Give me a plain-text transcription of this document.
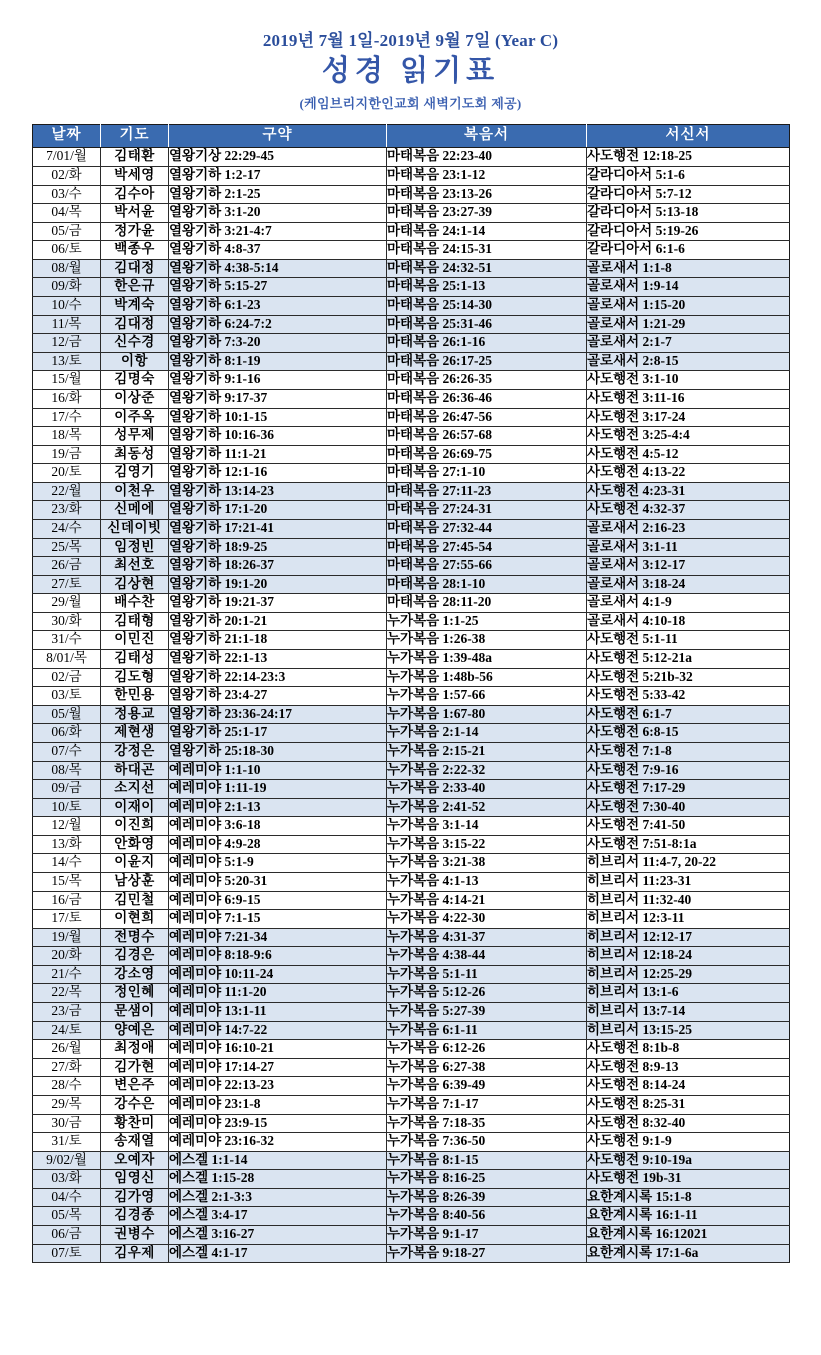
2019년 7월 1일-2019년 9월 7일 (Year C)
성경 읽기표
(케임브리지한인교회 새벽기도회 제공)
날짜	기도	구약	복음서	서신서
7/01/월	김태환	열왕기상 22:29-45	마태복음 22:23-40	사도행전 12:18-25
02/화	박세영	열왕기하 1:2-17	마태복음 23:1-12	갈라디아서 5:1-6
03/수	김수아	열왕기하 2:1-25	마태복음 23:13-26	갈라디아서 5:7-12
04/목	박서윤	열왕기하 3:1-20	마태복음 23:27-39	갈라디아서 5:13-18
05/금	정가윤	열왕기하 3:21-4:7	마태복음 24:1-14	갈라디아서 5:19-26
06/토	백종우	열왕기하 4:8-37	마태복음 24:15-31	갈라디아서 6:1-6
08/월	김대정	열왕기하 4:38-5:14	마태복음 24:32-51	골로새서 1:1-8
09/화	한은규	열왕기하 5:15-27	마태복음 25:1-13	골로새서 1:9-14
10/수	박계숙	열왕기하 6:1-23	마태복음 25:14-30	골로새서 1:15-20
11/목	김대정	열왕기하 6:24-7:2	마태복음 25:31-46	골로새서 1:21-29
12/금	신수경	열왕기하 7:3-20	마태복음 26:1-16	골로새서 2:1-7
13/토	이항	열왕기하 8:1-19	마태복음 26:17-25	골로새서 2:8-15
15/월	김명숙	열왕기하 9:1-16	마태복음 26:26-35	사도행전 3:1-10
16/화	이상준	열왕기하 9:17-37	마태복음 26:36-46	사도행전 3:11-16
17/수	이주옥	열왕기하 10:1-15	마태복음 26:47-56	사도행전 3:17-24
18/목	성무제	열왕기하 10:16-36	마태복음 26:57-68	사도행전 3:25-4:4
19/금	최동성	열왕기하 11:1-21	마태복음 26:69-75	사도행전 4:5-12
20/토	김영기	열왕기하 12:1-16	마태복음 27:1-10	사도행전 4:13-22
22/월	이천우	열왕기하 13:14-23	마태복음 27:11-23	사도행전 4:23-31
23/화	신메에	열왕기하 17:1-20	마태복음 27:24-31	사도행전 4:32-37
24/수	신데이빗	열왕기하 17:21-41	마태복음 27:32-44	골로새서 2:16-23
25/목	임정빈	열왕기하 18:9-25	마태복음 27:45-54	골로새서 3:1-11
26/금	최선호	열왕기하 18:26-37	마태복음 27:55-66	골로새서 3:12-17
27/토	김상현	열왕기하 19:1-20	마태복음 28:1-10	골로새서 3:18-24
29/월	배수찬	열왕기하 19:21-37	마태복음 28:11-20	골로새서 4:1-9
30/화	김태형	열왕기하 20:1-21	누가복음 1:1-25	골로새서 4:10-18
31/수	이민진	열왕기하 21:1-18	누가복음 1:26-38	사도행전 5:1-11
8/01/목	김태성	열왕기하 22:1-13	누가복음 1:39-48a	사도행전 5:12-21a
02/금	김도형	열왕기하 22:14-23:3	누가복음 1:48b-56	사도행전 5:21b-32
03/토	한민용	열왕기하 23:4-27	누가복음 1:57-66	사도행전 5:33-42
05/월	정용교	열왕기하 23:36-24:17	누가복음 1:67-80	사도행전 6:1-7
06/화	제현생	열왕기하 25:1-17	누가복음 2:1-14	사도행전 6:8-15
07/수	강정은	열왕기하 25:18-30	누가복음 2:15-21	사도행전 7:1-8
08/목	하대곤	예레미야 1:1-10	누가복음 2:22-32	사도행전 7:9-16
09/금	소지선	예레미야 1:11-19	누가복음 2:33-40	사도행전 7:17-29
10/토	이재이	예레미야 2:1-13	누가복음 2:41-52	사도행전 7:30-40
12/월	이진희	예레미야 3:6-18	누가복음 3:1-14	사도행전 7:41-50
13/화	안화영	예레미야 4:9-28	누가복음 3:15-22	사도행전 7:51-8:1a
14/수	이윤지	예레미야 5:1-9	누가복음 3:21-38	히브리서 11:4-7, 20-22
15/목	남상훈	예레미야 5:20-31	누가복음 4:1-13	히브리서 11:23-31
16/금	김민철	예레미야 6:9-15	누가복음 4:14-21	히브리서 11:32-40
17/토	이현희	예레미야 7:1-15	누가복음 4:22-30	히브리서 12:3-11
19/월	전명수	예레미야 7:21-34	누가복음 4:31-37	히브리서 12:12-17
20/화	김경은	예레미야 8:18-9:6	누가복음 4:38-44	히브리서 12:18-24
21/수	강소영	예레미야 10:11-24	누가복음 5:1-11	히브리서 12:25-29
22/목	정인혜	예레미야 11:1-20	누가복음 5:12-26	히브리서 13:1-6
23/금	문샘이	예레미야 13:1-11	누가복음 5:27-39	히브리서 13:7-14
24/토	양예은	예레미야 14:7-22	누가복음 6:1-11	히브리서 13:15-25
26/월	최정애	예레미야 16:10-21	누가복음 6:12-26	사도행전 8:1b-8
27/화	김가현	예레미야 17:14-27	누가복음 6:27-38	사도행전 8:9-13
28/수	변은주	예레미야 22:13-23	누가복음 6:39-49	사도행전 8:14-24
29/목	강수은	예레미야 23:1-8	누가복음 7:1-17	사도행전 8:25-31
30/금	황찬미	예레미야 23:9-15	누가복음 7:18-35	사도행전 8:32-40
31/토	송재열	예레미야 23:16-32	누가복음 7:36-50	사도행전 9:1-9
9/02/월	오예자	에스겔 1:1-14	누가복음 8:1-15	사도행전 9:10-19a
03/화	임영신	에스겔 1:15-28	누가복음 8:16-25	사도행전 19b-31
04/수	김가영	에스겔 2:1-3:3	누가복음 8:26-39	요한계시록 15:1-8
05/목	김경종	에스겔 3:4-17	누가복음 8:40-56	요한계시록 16:1-11
06/금	권병수	에스겔 3:16-27	누가복음 9:1-17	요한계시록 16:12021
07/토	김우제	에스겔 4:1-17	누가복음 9:18-27	요한계시록 17:1-6a
